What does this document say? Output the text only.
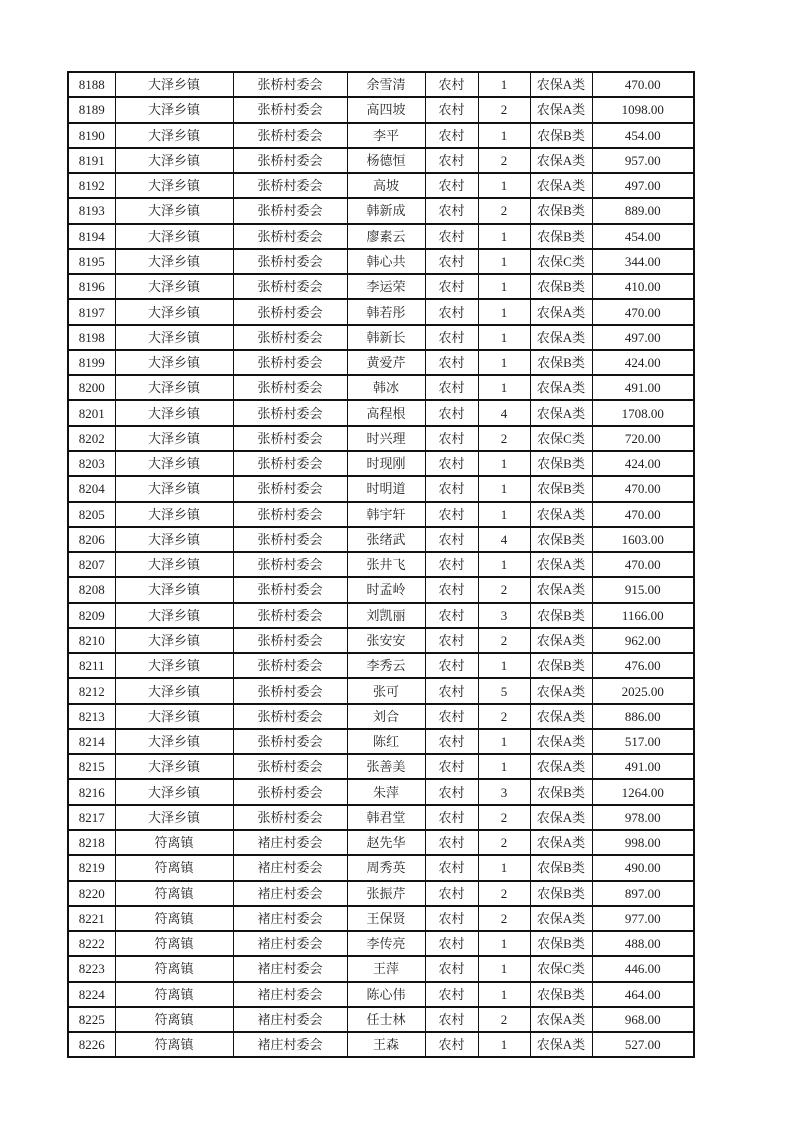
8188	大泽乡镇	张桥村委会	余雪清	农村	1	农保A类	470.00
8189	大泽乡镇	张桥村委会	高四坡	农村	2	农保A类	1098.00
8190	大泽乡镇	张桥村委会	李平	农村	1	农保B类	454.00
8191	大泽乡镇	张桥村委会	杨德恒	农村	2	农保A类	957.00
8192	大泽乡镇	张桥村委会	高坡	农村	1	农保A类	497.00
8193	大泽乡镇	张桥村委会	韩新成	农村	2	农保B类	889.00
8194	大泽乡镇	张桥村委会	廖素云	农村	1	农保B类	454.00
8195	大泽乡镇	张桥村委会	韩心共	农村	1	农保C类	344.00
8196	大泽乡镇	张桥村委会	李运荣	农村	1	农保B类	410.00
8197	大泽乡镇	张桥村委会	韩若彤	农村	1	农保A类	470.00
8198	大泽乡镇	张桥村委会	韩新长	农村	1	农保A类	497.00
8199	大泽乡镇	张桥村委会	黄爱芹	农村	1	农保B类	424.00
8200	大泽乡镇	张桥村委会	韩冰	农村	1	农保A类	491.00
8201	大泽乡镇	张桥村委会	高程根	农村	4	农保A类	1708.00
8202	大泽乡镇	张桥村委会	时兴理	农村	2	农保C类	720.00
8203	大泽乡镇	张桥村委会	时现刚	农村	1	农保B类	424.00
8204	大泽乡镇	张桥村委会	时明道	农村	1	农保B类	470.00
8205	大泽乡镇	张桥村委会	韩宇轩	农村	1	农保A类	470.00
8206	大泽乡镇	张桥村委会	张绪武	农村	4	农保B类	1603.00
8207	大泽乡镇	张桥村委会	张井飞	农村	1	农保A类	470.00
8208	大泽乡镇	张桥村委会	时孟岭	农村	2	农保A类	915.00
8209	大泽乡镇	张桥村委会	刘凯丽	农村	3	农保B类	1166.00
8210	大泽乡镇	张桥村委会	张安安	农村	2	农保A类	962.00
8211	大泽乡镇	张桥村委会	李秀云	农村	1	农保B类	476.00
8212	大泽乡镇	张桥村委会	张可	农村	5	农保A类	2025.00
8213	大泽乡镇	张桥村委会	刘合	农村	2	农保A类	886.00
8214	大泽乡镇	张桥村委会	陈红	农村	1	农保A类	517.00
8215	大泽乡镇	张桥村委会	张善美	农村	1	农保A类	491.00
8216	大泽乡镇	张桥村委会	朱萍	农村	3	农保B类	1264.00
8217	大泽乡镇	张桥村委会	韩君堂	农村	2	农保A类	978.00
8218	符离镇	褚庄村委会	赵先华	农村	2	农保A类	998.00
8219	符离镇	褚庄村委会	周秀英	农村	1	农保B类	490.00
8220	符离镇	褚庄村委会	张振芹	农村	2	农保B类	897.00
8221	符离镇	褚庄村委会	王保贤	农村	2	农保A类	977.00
8222	符离镇	褚庄村委会	李传亮	农村	1	农保B类	488.00
8223	符离镇	褚庄村委会	王萍	农村	1	农保C类	446.00
8224	符离镇	褚庄村委会	陈心伟	农村	1	农保B类	464.00
8225	符离镇	褚庄村委会	任士林	农村	2	农保A类	968.00
8226	符离镇	褚庄村委会	王森	农村	1	农保A类	527.00
